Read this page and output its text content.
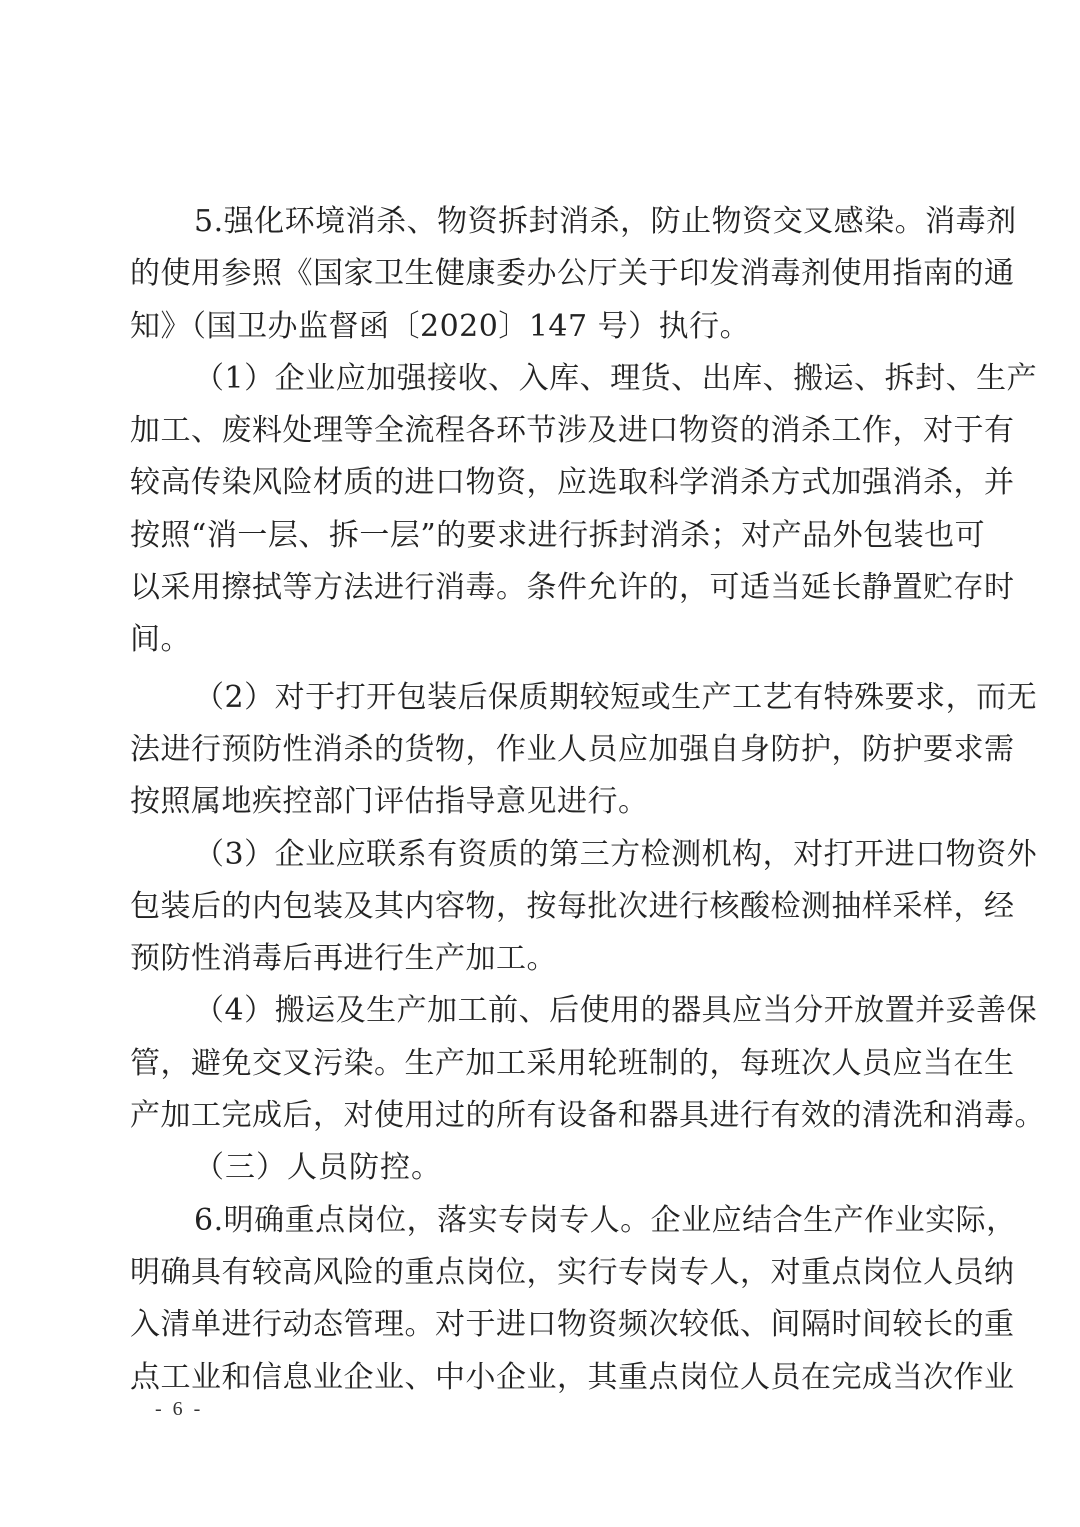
5.强化环境消杀、物资拆封消杀，防止物资交叉感染。消毒剂
的使用参照《国家卫生健康委办公厅关于印发消毒剂使用指南的通
知》（国卫办监督函〔2020〕147 号）执行。
（1）企业应加强接收、入库、理货、出库、搬运、拆封、生产
加工、废料处理等全流程各环节涉及进口物资的消杀工作，对于有
较高传染风险材质的进口物资，应选取科学消杀方式加强消杀，并
按照“消一层、拆一层”的要求进行拆封消杀；对产品外包装也可
以采用擦拭等方法进行消毒。条件允许的，可适当延长静置贮存时
间。
（2）对于打开包装后保质期较短或生产工艺有特殊要求，而无
法进行预防性消杀的货物，作业人员应加强自身防护，防护要求需
按照属地疾控部门评估指导意见进行。
（3）企业应联系有资质的第三方检测机构，对打开进口物资外
包装后的内包装及其内容物，按每批次进行核酸检测抽样采样，经
预防性消毒后再进行生产加工。
（4）搬运及生产加工前、后使用的器具应当分开放置并妥善保
管，避免交叉污染。生产加工采用轮班制的，每班次人员应当在生
产加工完成后，对使用过的所有设备和器具进行有效的清洗和消毒。
（三）人员防控。
6.明确重点岗位，落实专岗专人。企业应结合生产作业实际，
明确具有较高风险的重点岗位，实行专岗专人，对重点岗位人员纳
入清单进行动态管理。对于进口物资频次较低、间隔时间较长的重
点工业和信息业企业、中小企业，其重点岗位人员在完成当次作业
- 6 -
